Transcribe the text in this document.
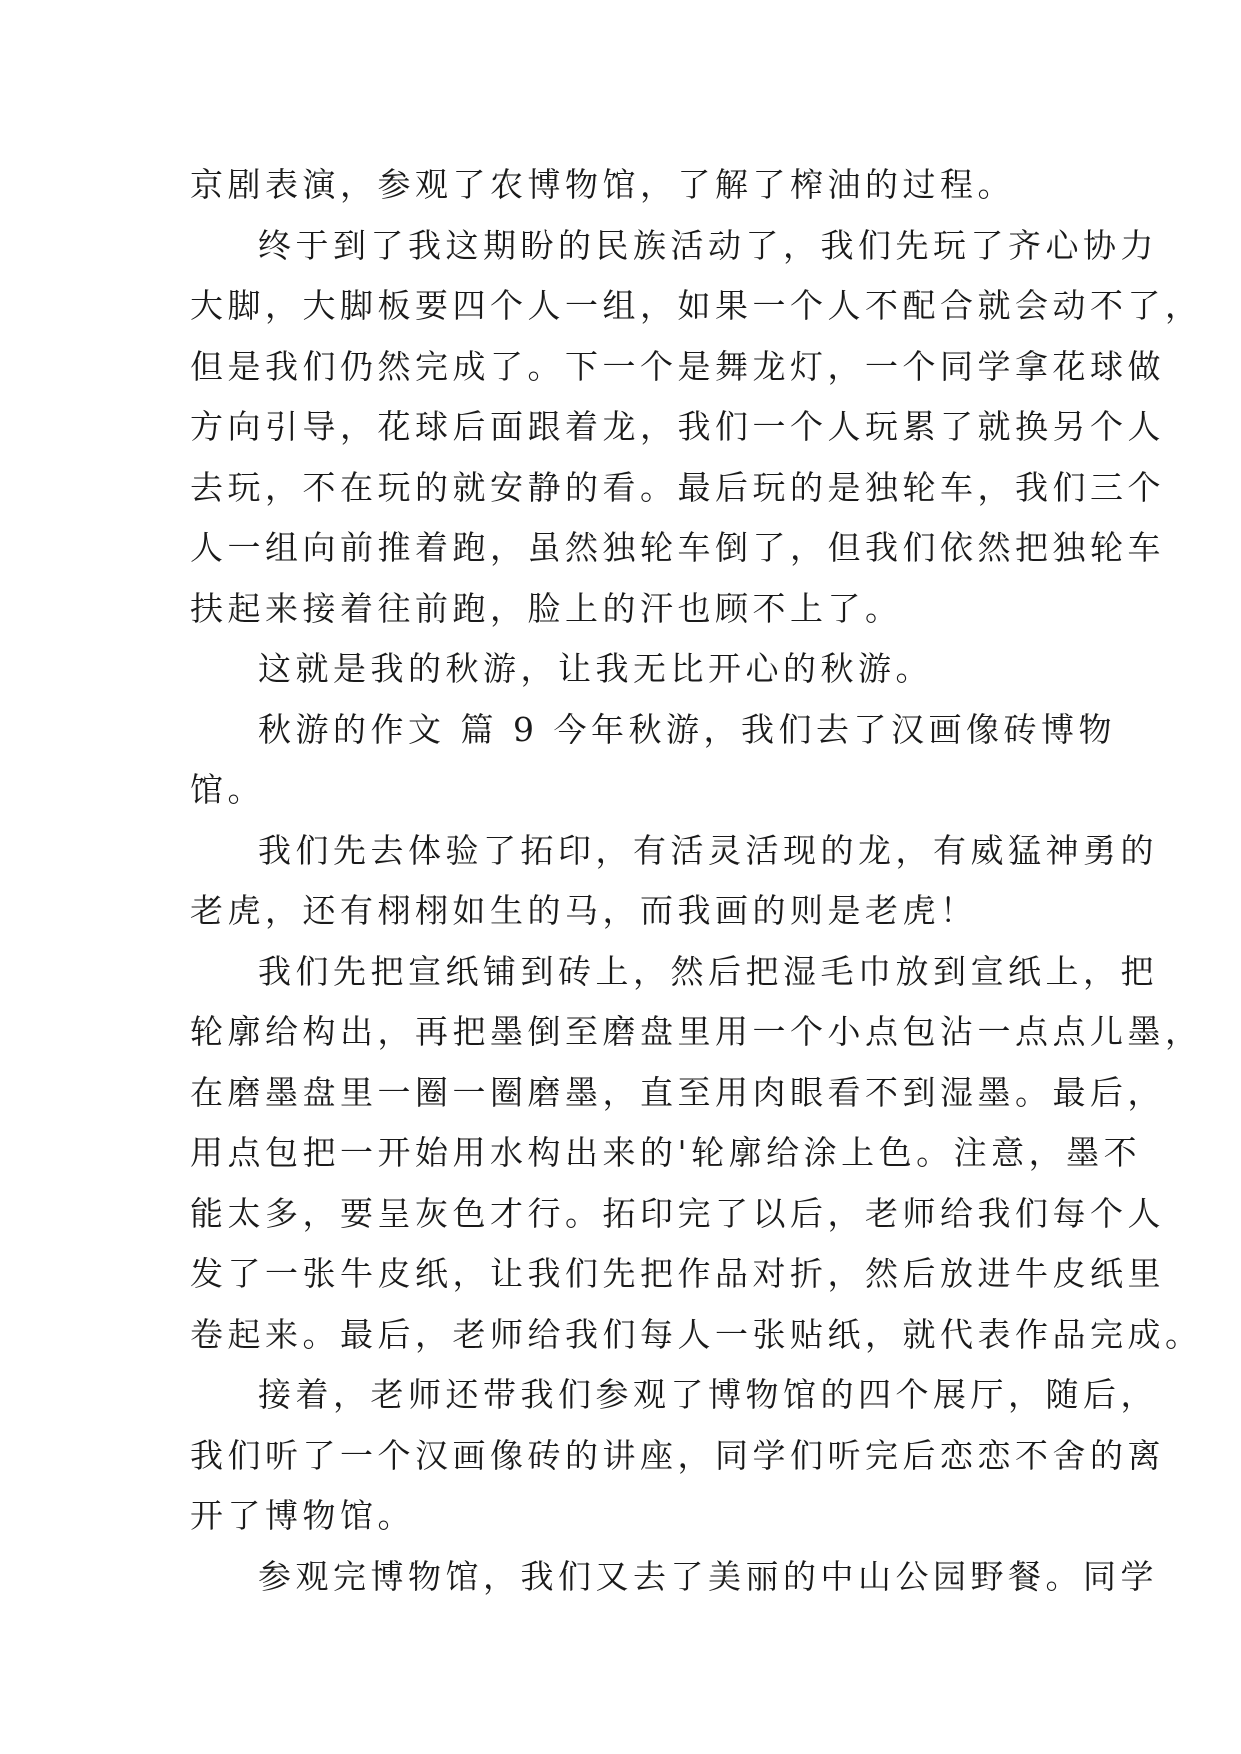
京剧表演，参观了农博物馆，了解了榨油的过程。
终于到了我这期盼的民族活动了，我们先玩了齐心协力
大脚，大脚板要四个人一组，如果一个人不配合就会动不了，
但是我们仍然完成了。下一个是舞龙灯，一个同学拿花球做
方向引导，花球后面跟着龙，我们一个人玩累了就换另个人
去玩，不在玩的就安静的看。最后玩的是独轮车，我们三个
人一组向前推着跑，虽然独轮车倒了，但我们依然把独轮车
扶起来接着往前跑，脸上的汗也顾不上了。
这就是我的秋游，让我无比开心的秋游。
秋游的作文 篇 9 今年秋游，我们去了汉画像砖博物
馆。
我们先去体验了拓印，有活灵活现的龙，有威猛神勇的
老虎，还有栩栩如生的马，而我画的则是老虎！
我们先把宣纸铺到砖上，然后把湿毛巾放到宣纸上，把
轮廓给构出，再把墨倒至磨盘里用一个小点包沾一点点儿墨，
在磨墨盘里一圈一圈磨墨，直至用肉眼看不到湿墨。最后，
用点包把一开始用水构出来的'轮廓给涂上色。注意，墨不
能太多，要呈灰色才行。拓印完了以后，老师给我们每个人
发了一张牛皮纸，让我们先把作品对折，然后放进牛皮纸里
卷起来。最后，老师给我们每人一张贴纸，就代表作品完成。
接着，老师还带我们参观了博物馆的四个展厅，随后，
我们听了一个汉画像砖的讲座，同学们听完后恋恋不舍的离
开了博物馆。
参观完博物馆，我们又去了美丽的中山公园野餐。同学
